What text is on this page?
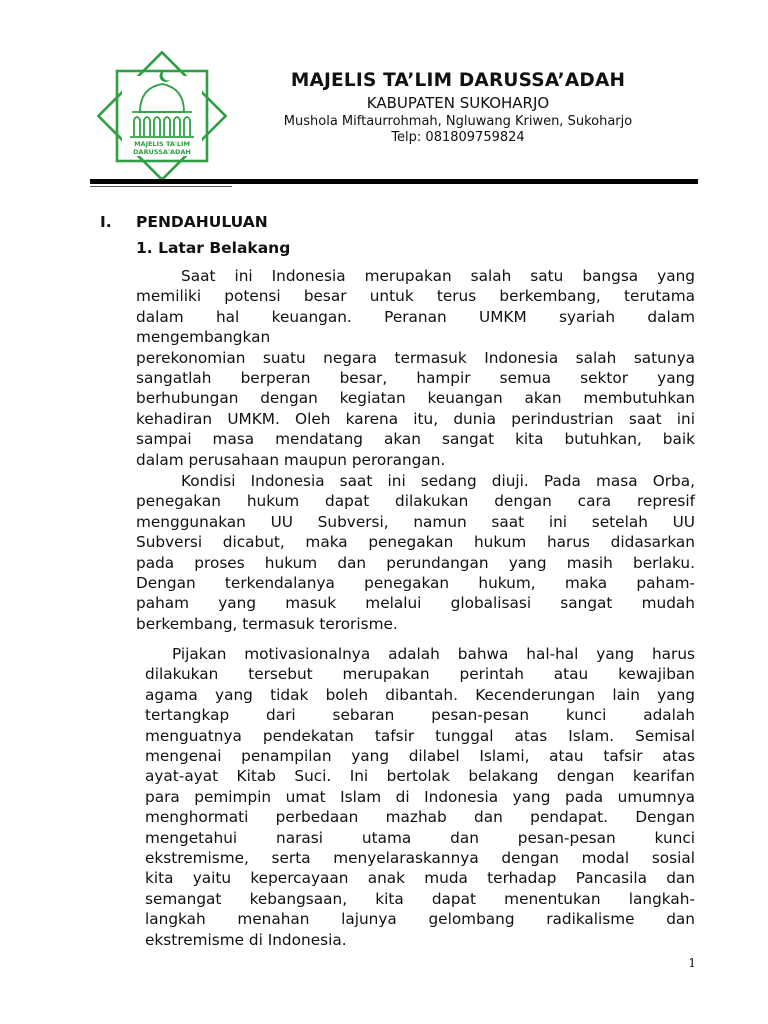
MAJELIS TA'LIM
DARUSSA'ADAH
MAJELIS TA’LIM DARUSSA’ADAH
KABUPATEN SUKOHARJO
Mushola Miftaurrohmah, Ngluwang Kriwen, Sukoharjo
Telp: 081809759824
I. PENDAHULUAN
1. Latar Belakang
Saat ini Indonesia merupakan salah satu bangsa yang
memiliki potensi besar untuk terus berkembang, terutama
dalam hal keuangan. Peranan UMKM syariah dalam
mengembangkan
perekonomian suatu negara termasuk Indonesia salah satunya
sangatlah berperan besar, hampir semua sektor yang
berhubungan dengan kegiatan keuangan akan membutuhkan
kehadiran UMKM. Oleh karena itu, dunia perindustrian saat ini
sampai masa mendatang akan sangat kita butuhkan, baik
dalam perusahaan maupun perorangan.
Kondisi Indonesia saat ini sedang diuji. Pada masa Orba,
penegakan hukum dapat dilakukan dengan cara represif
menggunakan UU Subversi, namun saat ini setelah UU
Subversi dicabut, maka penegakan hukum harus didasarkan
pada proses hukum dan perundangan yang masih berlaku.
Dengan terkendalanya penegakan hukum, maka paham-
paham yang masuk melalui globalisasi sangat mudah
berkembang, termasuk terorisme.
Pijakan motivasionalnya adalah bahwa hal-hal yang harus
dilakukan tersebut merupakan perintah atau kewajiban
agama yang tidak boleh dibantah. Kecenderungan lain yang
tertangkap dari sebaran pesan-pesan kunci adalah
menguatnya pendekatan tafsir tunggal atas Islam. Semisal
mengenai penampilan yang dilabel Islami, atau tafsir atas
ayat-ayat Kitab Suci. Ini bertolak belakang dengan kearifan
para pemimpin umat Islam di Indonesia yang pada umumnya
menghormati perbedaan mazhab dan pendapat. Dengan
mengetahui narasi utama dan pesan-pesan kunci
ekstremisme, serta menyelaraskannya dengan modal sosial
kita yaitu kepercayaan anak muda terhadap Pancasila dan
semangat kebangsaan, kita dapat menentukan langkah-
langkah menahan lajunya gelombang radikalisme dan
ekstremisme di Indonesia.
1
